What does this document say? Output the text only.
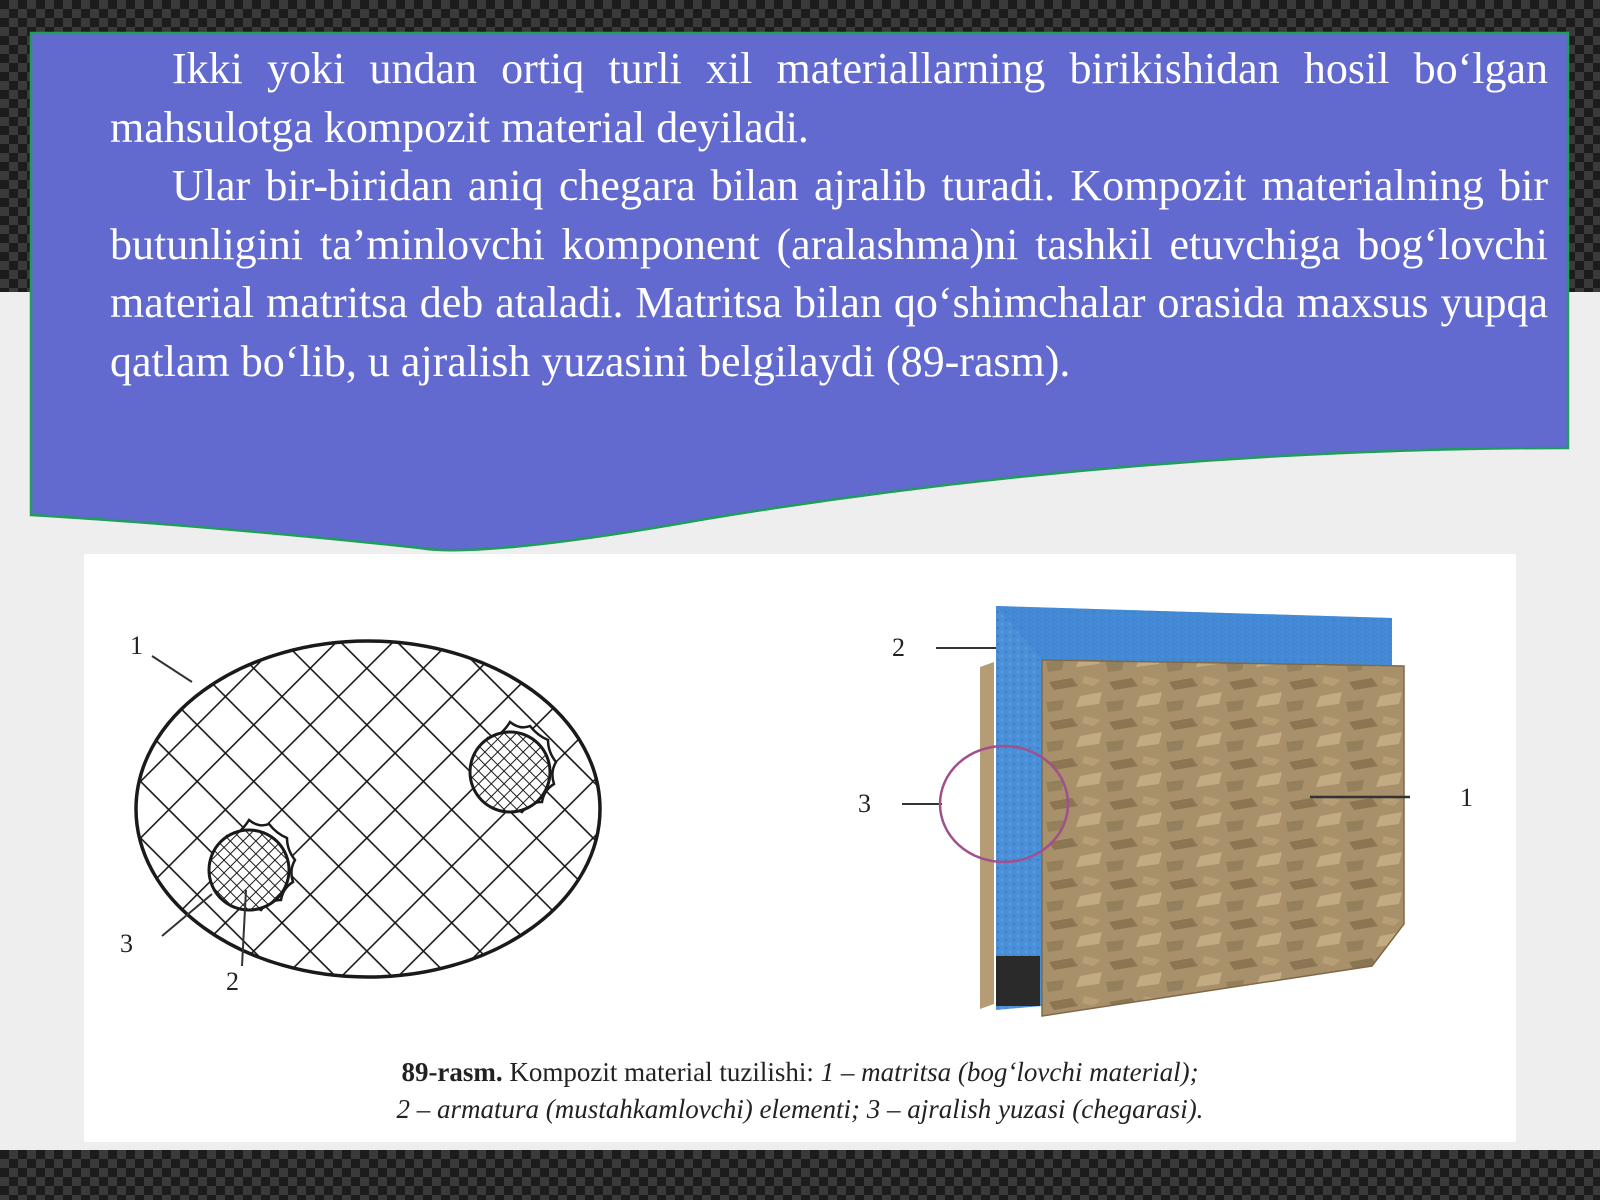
Ikki yoki undan ortiq turli xil materiallarning birikishidan hosil bo‘lgan mahsulotga kompozit material deyiladi.

Ular bir-biridan aniq chegara bilan ajralib turadi. Kompozit materialning bir butunligini ta’minlovchi komponent (aralashma)ni tashkil etuvchiga bog‘lovchi material matritsa deb ataladi. Matritsa bilan qo‘shimchalar orasida maxsus yupqa qatlam bo‘lib, u ajralish yuzasini belgilaydi (89-rasm).

1
3
2
2
3	1
89-rasm. Kompozit material tuzilishi: 1 – matritsa (bog‘lovchi material);
2 – armatura (mustahkamlovchi) elementi; 3 – ajralish yuzasi (chegarasi).
